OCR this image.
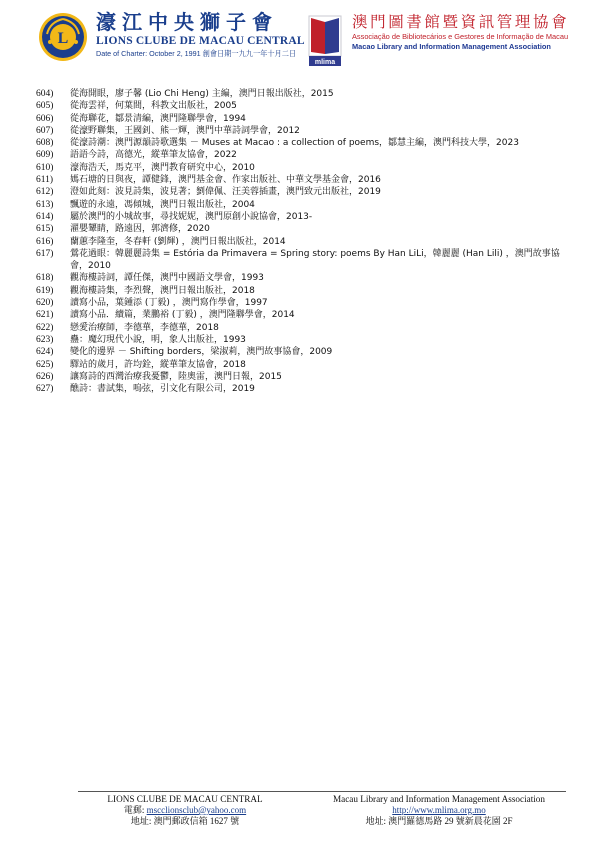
L
濠江中央獅子會
LIONS CLUBE DE MACAU CENTRAL
Date of Charter: October 2, 1991 創會日期一九九一年十月二日
mlima
澳門圖書館暨資訊管理協會
Associação de Bibliotecários e Gestores de Informação de Macau
Macao Library and Information Management Association
604)	從海開眼，廖子馨 (Lio Chi Heng) 主編，澳門日報出版社，2015
605)	從海雲祥，何葉間，科教文出版社，2005
606)	從海聯花，鄒景清編，澳門隆聯學會，1994
607)	從濠野聯集，王國釗、熊一輝，澳門中華詩詞學會，2012
608)	從濠詩潮：澳門源韻詩歌選集 － Muses at Macao : a collection of poems，鄒慧主編，澳門科技大學，2023
609)	語語今詩，高德光，縱華筆友協會，2022
610)	濠海浩天，馬克平，澳門教育研究中心，2010
611)	媽石塘的日與夜，譚健鋒，澳門基金會、作家出版社、中華文學基金會，2016
612)	澄如此刻：波見詩集，波見著；劉偉佩、汪美蓉插畫，澳門致元出版社，2019
613)	飄遊的永遠，馮傾城，澳門日報出版社，2004
614)	屬於澳門的小城故事，尋找妮妮，澳門原創小說協會，2013-
615)	濯嬰顰睛，路遠因，郭濟修，2020
616)	蘭蕙李隆奎，冬春軒 (劉輝) ，澳門日報出版社，2014
617)	鶯花過眼：韓麗麗詩集 = Estória da Primavera = Spring story: poems By Han LiLi，韓麗麗 (Han Lili) ，澳門故事協會，2010
618)	觀海樓詩詞，譚任傑，澳門中國語文學會，1993
619)	觀海樓詩集，李烈聲，澳門日報出版社，2018
620)	讀寫小品，葉鍾添 (丁毅) ，澳門寫作學會，1997
621)	讀寫小品．續篇，業鵬裕 (丁毅) ，澳門隆聯學會，2014
622)	戀愛治療師，李德華，李德華，2018
623)	蠱：魔幻現代小說，明，象人出版社，1993
624)	變化的邊界 － Shifting borders，梁淑莉，澳門故事協會，2009
625)	驛站的歲月，許均銓，縱華筆友協會，2018
626)	讓寫詩的西灣治療我憂鬱，陸奧雷，澳門日報，2015
627)	醮詩：書試集，嗚弦，引文化有限公司，2019
LIONS CLUBE DE MACAU CENTRAL
電郵: mscclionsclub@yahoo.com
地址: 澳門郵政信箱 1627 號
Macau Library and Information Management Association
http://www.mlima.org.mo
地址: 澳門羅德馬路 29 號新晨花園 2F
